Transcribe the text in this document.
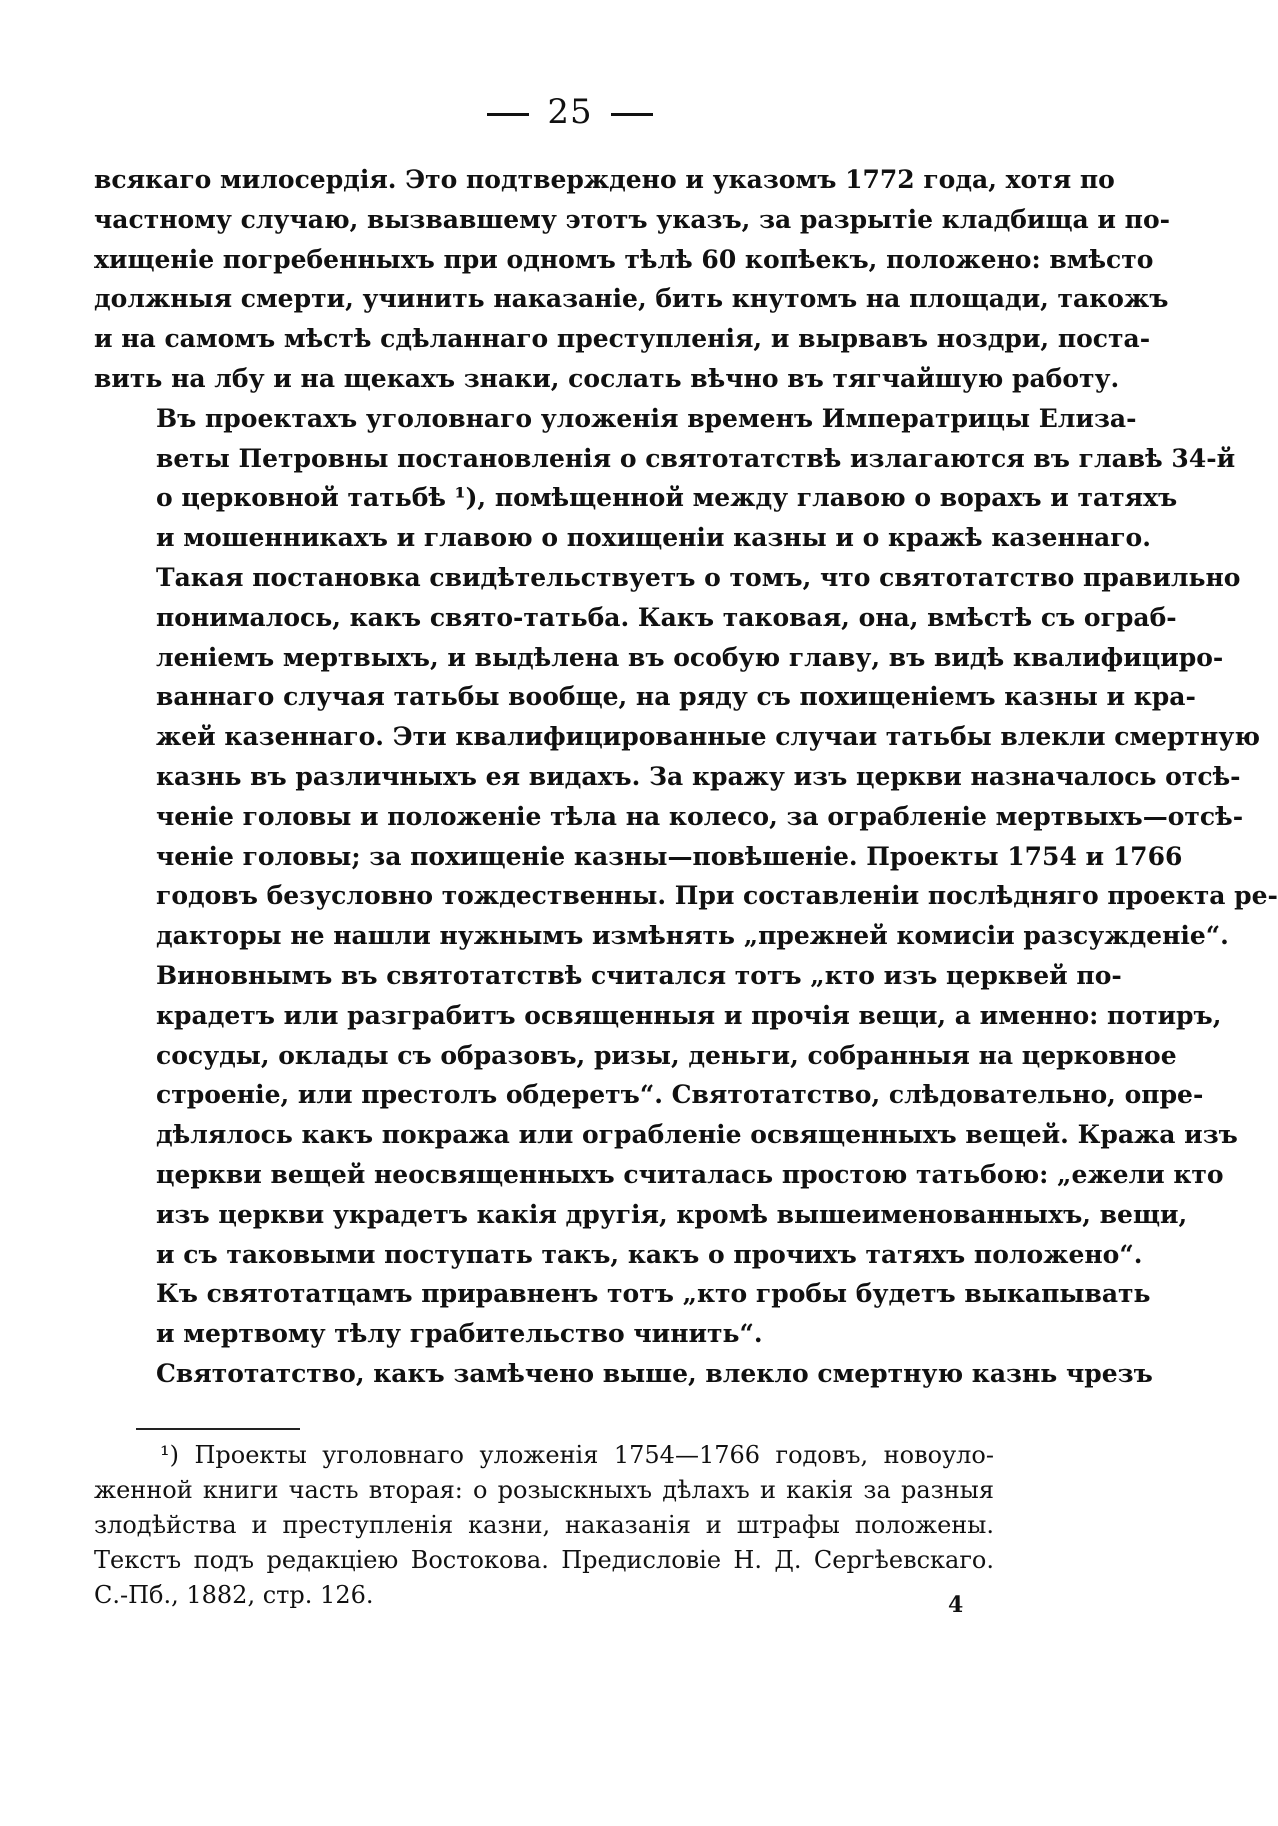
25

всякаго милосердія. Это подтверждено и указомъ 1772 года, хотя по
частному случаю, вызвавшему этотъ указъ, за разрытіе кладбища и по-
хищеніе погребенныхъ при одномъ тѣлѣ 60 копѣекъ, положено: вмѣсто
должныя смерти, учинить наказаніе, бить кнутомъ на площади, такожъ
и на самомъ мѣстѣ сдѣланнаго преступленія, и вырвавъ ноздри, поста-
вить на лбу и на щекахъ знаки, сослать вѣчно въ тягчайшую работу.

Въ проектахъ уголовнаго уложенія временъ Императрицы Елиза-
веты Петровны постановленія о святотатствѣ излагаются въ главѣ 34-й
о церковной татьбѣ ¹), помѣщенной между главою о ворахъ и татяхъ
и мошенникахъ и главою о похищеніи казны и о кражѣ казеннаго.
Такая постановка свидѣтельствуетъ о томъ, что святотатство правильно
понималось, какъ свято-татьба. Какъ таковая, она, вмѣстѣ съ ограб-
леніемъ мертвыхъ, и выдѣлена въ особую главу, въ видѣ квалифициро-
ваннаго случая татьбы вообще, на ряду съ похищеніемъ казны и кра-
жей казеннаго. Эти квалифицированные случаи татьбы влекли смертную
казнь въ различныхъ ея видахъ. За кражу изъ церкви назначалось отсѣ-
ченіе головы и положеніе тѣла на колесо, за ограбленіе мертвыхъ—отсѣ-
ченіе головы; за похищеніе казны—повѣшеніе. Проекты 1754 и 1766
годовъ безусловно тождественны. При составленіи послѣдняго проекта ре-
дакторы не нашли нужнымъ измѣнять „прежней комисіи разсужденіе“.

Виновнымъ въ святотатствѣ считался тотъ „кто изъ церквей по-
крадетъ или разграбитъ освященныя и прочія вещи, а именно: потиръ,
сосуды, оклады съ образовъ, ризы, деньги, собранныя на церковное
строеніе, или престолъ обдеретъ“. Святотатство, слѣдовательно, опре-
дѣлялось какъ покража или ограбленіе освященныхъ вещей. Кража изъ
церкви вещей неосвященныхъ считалась простою татьбою: „ежели кто
изъ церкви украдетъ какія другія, кромѣ вышеименованныхъ, вещи,
и съ таковыми поступать такъ, какъ о прочихъ татяхъ положено“.
Къ святотатцамъ приравненъ тотъ „кто гробы будетъ выкапывать
и мертвому тѣлу грабительство чинить“.

Святотатство, какъ замѣчено выше, влекло смертную казнь чрезъ

¹) Проекты уголовнаго уложенія 1754—1766 годовъ, новоуло-
женной книги часть вторая: о розыскныхъ дѣлахъ и какія за разныя
злодѣйства и преступленія казни, наказанія и штрафы положены.
Текстъ подъ редакціею Востокова. Предисловіе Н. Д. Сергѣевскаго.
С.-Пб., 1882, стр. 126.	4
